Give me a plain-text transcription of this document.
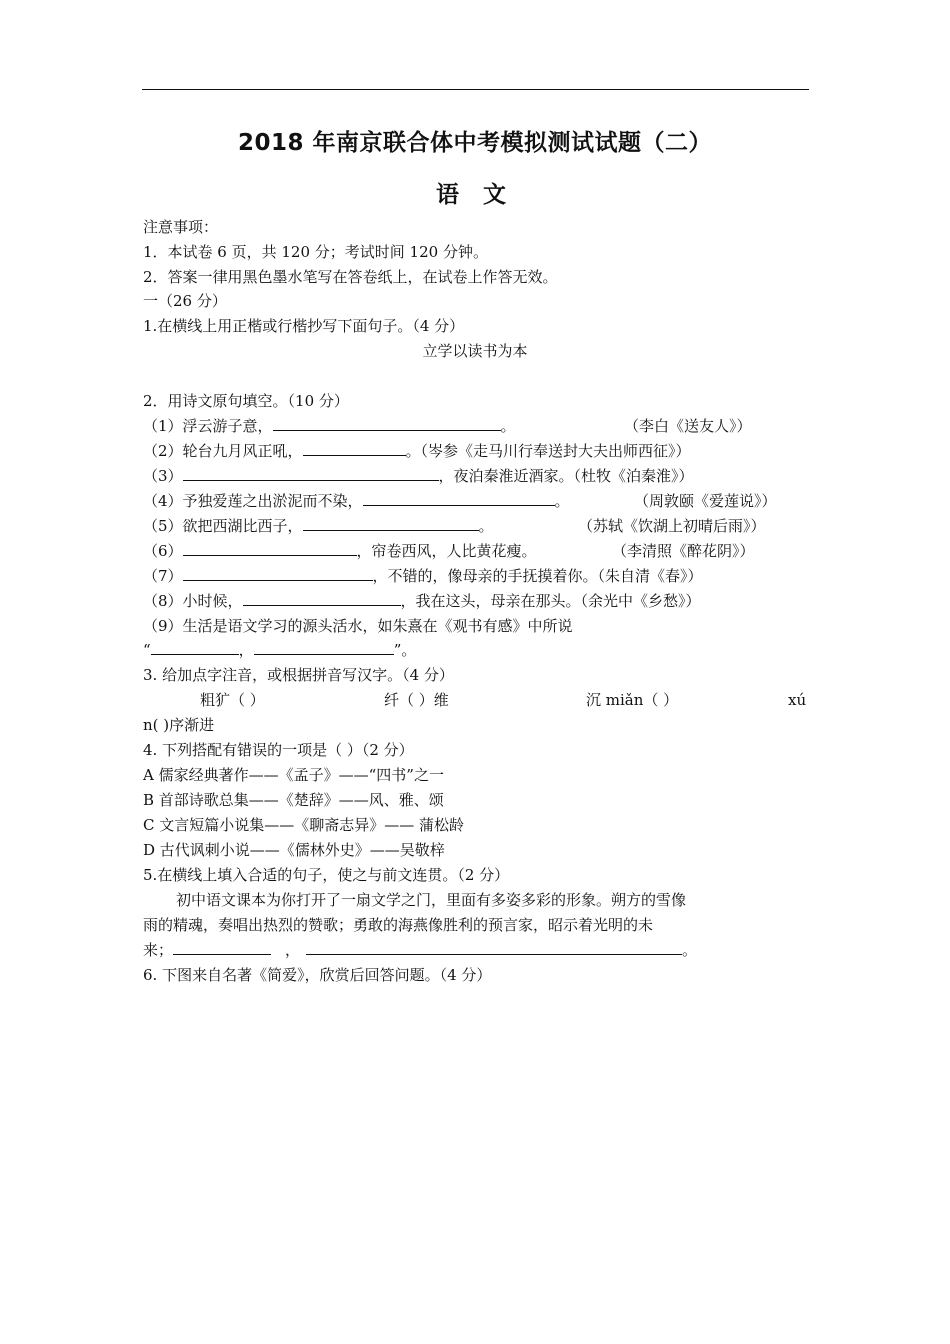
2018 年南京联合体中考模拟测试试题（二）
语 文
注意事项：
1．本试卷 6 页，共 120 分；考试时间 120 分钟。
2．答案一律用黑色墨水笔写在答卷纸上，在试卷上作答无效。
一（26 分）
1.在横线上用正楷或行楷抄写下面句子。（4 分）
立学以读书为本
2．用诗文原句填空。（10 分）
（1）浮云游子意，	。	（李白《送友人》）
（2）轮台九月风正吼，	。（岑参《走马川行奉送封大夫出师西征》）
（3）	，夜泊秦淮近酒家。（杜牧《泊秦淮》）
（4）予独爱莲之出淤泥而不染，	。	（周敦颐《爱莲说》）
（5）欲把西湖比西子，	。	（苏轼《饮湖上初晴后雨》）
（6）	，帘卷西风，人比黄花瘦。	（李清照《醉花阴》）
（7）	，不错的，像母亲的手抚摸着你。（朱自清《春》）
（8）小时候，	，我在这头，母亲在那头。（余光中《乡愁》）
（9）生活是语文学习的源头活水，如朱熹在《观书有感》中所说
“	，	”。
3. 给加点字注音，或根据拼音写汉字。（4 分）
粗犷（ ）	纤（ ）维	沉 miǎn（ ）	xú
n( )序渐进
4. 下列搭配有错误的一项是（ ）（2 分）
A 儒家经典著作——《孟子》——“四书”之一
B 首部诗歌总集——《楚辞》——风、雅、颂
C 文言短篇小说集——《聊斋志异》—— 蒲松龄
D 古代讽刺小说——《儒林外史》——吴敬梓
5.在横线上填入合适的句子，使之与前文连贯。（2 分）
初中语文课本为你打开了一扇文学之门，里面有多姿多彩的形象。朔方的雪像
雨的精魂，奏唱出热烈的赞歌；勇敢的海燕像胜利的预言家，昭示着光明的未
来；	，	。
6. 下图来自名著《简爱》，欣赏后回答问题。（4 分）
